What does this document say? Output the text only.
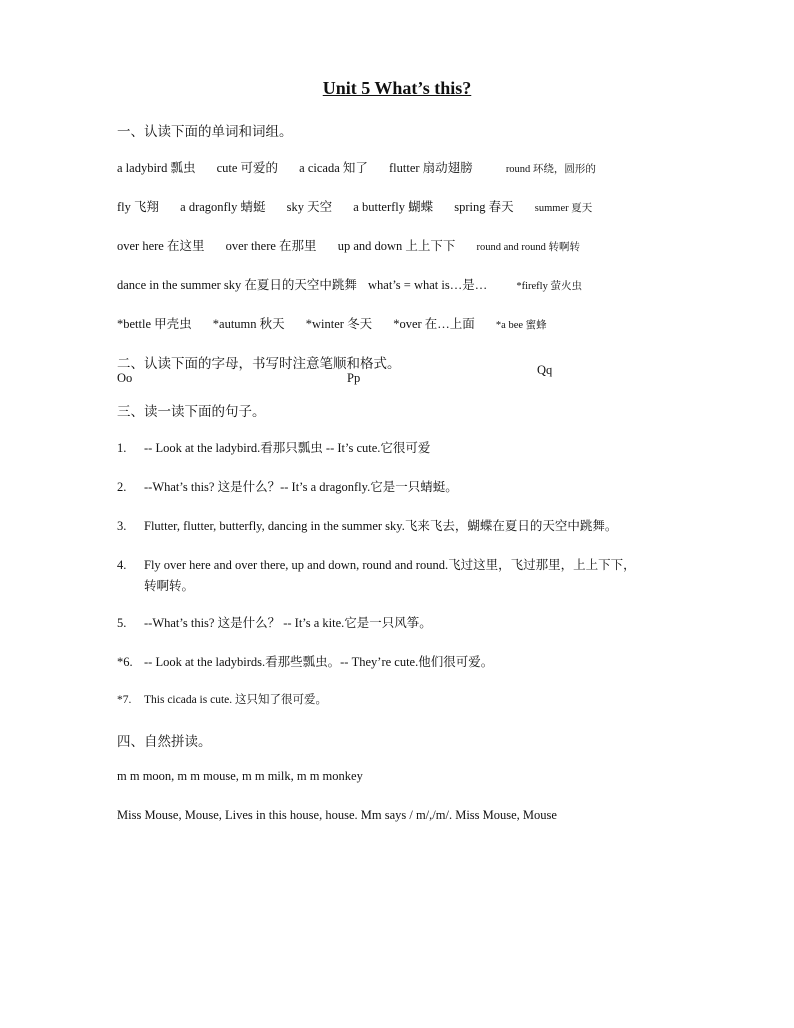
Unit 5 What’s this?
一、认读下面的单词和词组。
a ladybird 瓢虫 cute 可爱的 a cicada 知了 flutter 扇动翅膀	round 环绕，圆形的
fly 飞翔 a dragonfly 蜻蜓 sky 天空 a butterfly 蝴蝶 spring 春天 summer 夏天
over here 在这里 over there 在那里 up and down 上上下下 round and round 转啊转
dance in the summer sky 在夏日的天空中跳舞 what’s = what is…是…	*firefly 萤火虫
*bettle 甲壳虫 *autumn 秋天 *winter 冬天 *over 在…上面 *a bee 蜜蜂
二、认读下面的字母，书写时注意笔顺和格式。
Oo	Pp
Qq
三、读一读下面的句子。
1. -- Look at the ladybird.看那只瓢虫 -- It’s cute.它很可爱
2. --What’s this? 这是什么？-- It’s a dragonfly.它是一只蜻蜓。
3. Flutter, flutter, butterfly, dancing in the summer sky.飞来飞去，蝴蝶在夏日的天空中跳舞。
4. Fly over here and over there, up and down, round and round.飞过这里，飞过那里，上上下下，
转啊转。
5. --What’s this? 这是什么？ -- It’s a kite.它是一只风筝。
*6. -- Look at the ladybirds.看那些瓢虫。-- They’re cute.他们很可爱。
*7. This cicada is cute. 这只知了很可爱。
四、自然拼读。
m m moon, m m mouse, m m milk, m m monkey
Miss Mouse, Mouse, Lives in this house, house. Mm says / m/,/m/. Miss Mouse, Mouse
